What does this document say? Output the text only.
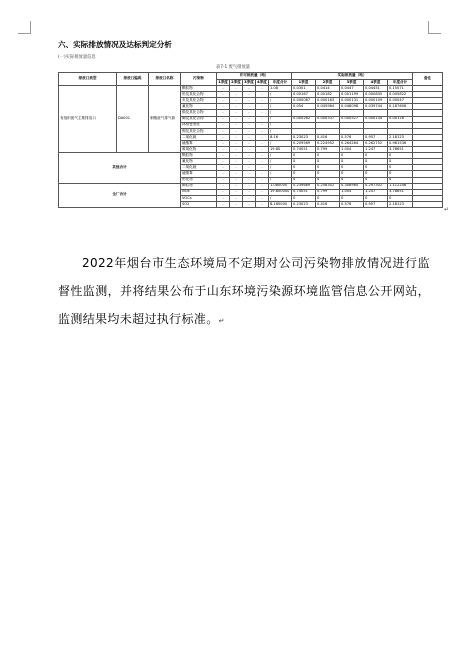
六、实际排放情况及达标判定分析
(一)实际排放量信息
表7-1 废气排放量
排放口类型	排放口编码	排放口名称	污染物	许可排放量（吨）					实际排放量（吨）					备注
				1季度	2季度	3季度	4季度	年度合计	1季度	2季度	3季度	4季度	年度合计	
有组织废气主要排放口	DA001	制酸废气排气筒	颗粒物	-	-	-	-	1.08	0.0301	0.0414	0.0447	0.04451	0.15071	
			铅及其化合物	-	-	-	-	/	0.00167	0.00182	0.001199	0.000835	0.005822	
			汞及其化合物	-	-	-	-	/	0.000087	0.000163	0.000131	0.000109	0.00047	
			氟化物	-	-	-	-	/	0.054	0.045964	0.048098	0.039744	0.187606	
			镉及其化合物	-	-	-	-	/						
			砷及其化合物	-	-	-	-	/	0.000282	0.000337	0.000527	0.000134	0.00128	
			林格曼黑度	-	-	-	-	/						
			锡及其化合物	-	-	-	-	/						
			二氧化硫	-	-	-	-	8.16	0.23023	0.416	0.576	0.957	2.18123	
			硫酸雾	-	-	-	-	/	0.209569	0.224952	0.264264	0.262752	0.961536	
			氮氧化物	-	-	-	-	19.80	0.74051	0.799	1.004	1.247	3.78651	
其他合计			颗粒物	-	-	-	-	/	0	0	0	0	0	
			氟化物	-	-	-	-	/	0	0	0	0	0	
			二氧化硫	-	-	-	-	/	0	0	0	0	0	
			硫酸雾	-	-	-	-	/	0	0	0	0	0	
			铅化物	-	-	-	-	/	0	0	0	0	0	
全厂合计			颗粒物	-	-	-	-	1.080000	0.239669	0.258352	0.308964	0.297302	1.112246	
			NOx	-	-	-	-	19.800000	0.74051	0.799	1.004	1.247	3.78651	
			VOCs	-	-	-	-	/	0	0	0	0	0	
			SO2	-	-	-	-	8.160000	0.23023	0.416	0.576	0.957	2.18123	
↵
2022年烟台市生态环境局不定期对公司污染物排放情况进行监督性监测，并将结果公布于山东环境污染源环境监管信息公开网站，监测结果均未超过执行标准。↵
